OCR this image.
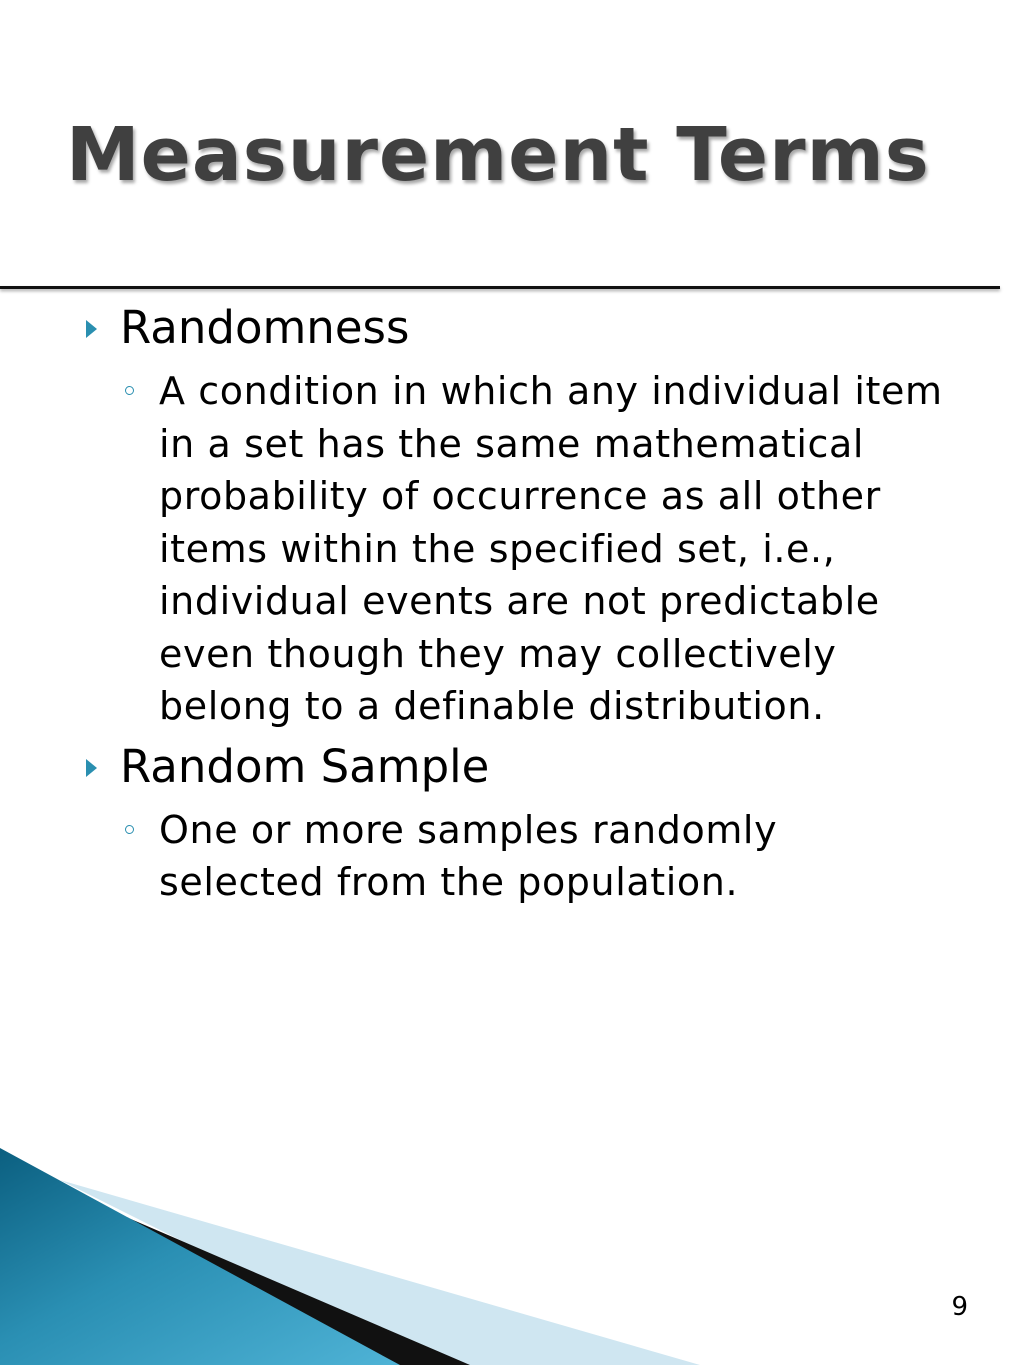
Measurement Terms
Randomness
A condition in which any individual item in a set has the same mathematical probability of occurrence as all other items within the specified set, i.e., individual events are not predictable even though they may collectively belong to a definable distribution.
Random Sample
One or more samples randomly selected from the population.
9
